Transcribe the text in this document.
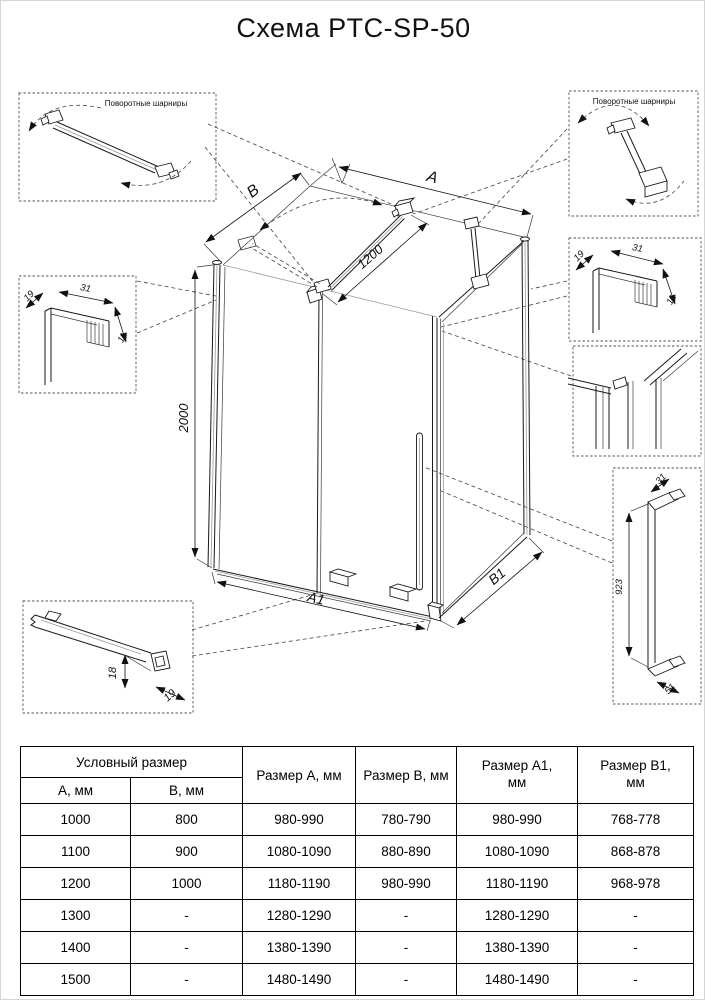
Схема PTC-SP-50
Поворотные шарниры	Поворотные шарниры
A
B
1200
2000
A1
B1
19
31
11
19
31
11
31
923
51
18
19
Условный размер		Размер A, мм	Размер B, мм	Размер A1, мм	Размер B1, мм
A, мм	B, мм				
1000	800	980-990	780-790	980-990	768-778
1100	900	1080-1090	880-890	1080-1090	868-878
1200	1000	1180-1190	980-990	1180-1190	968-978
1300	-	1280-1290	-	1280-1290	-
1400	-	1380-1390	-	1380-1390	-
1500	-	1480-1490	-	1480-1490	-
